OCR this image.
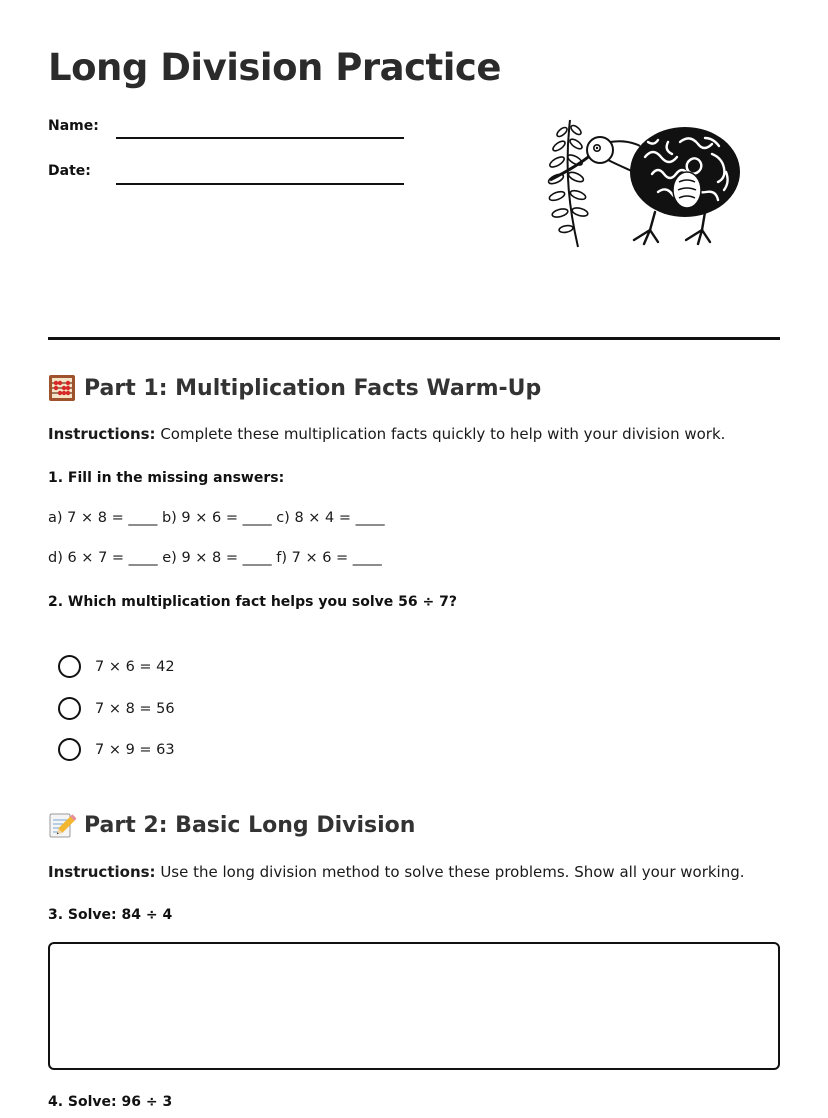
Long Division Practice
Name:
Date:
Part 1: Multiplication Facts Warm-Up
Instructions: Complete these multiplication facts quickly to help with your division work.
1. Fill in the missing answers:
a) 7 × 8 = ____ b) 9 × 6 = ____ c) 8 × 4 = ____
d) 6 × 7 = ____ e) 9 × 8 = ____ f) 7 × 6 = ____
2. Which multiplication fact helps you solve 56 ÷ 7?
7 × 6 = 42
7 × 8 = 56
7 × 9 = 63
Part 2: Basic Long Division
Instructions: Use the long division method to solve these problems. Show all your working.
3. Solve: 84 ÷ 4
4. Solve: 96 ÷ 3
